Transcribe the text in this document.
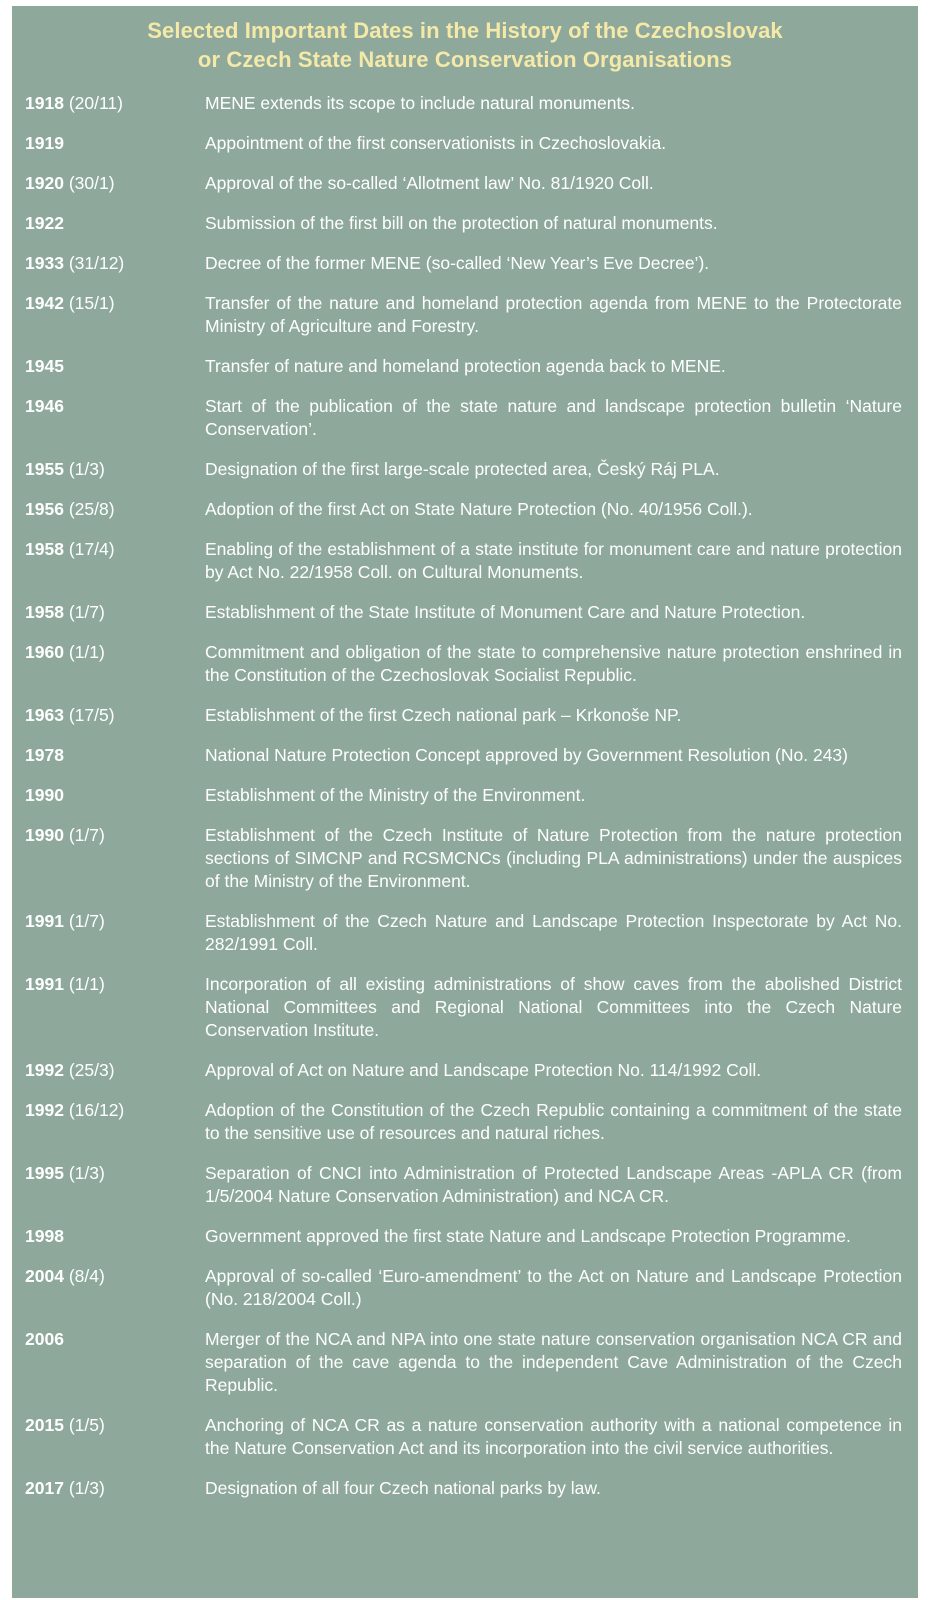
Selected Important Dates in the History of the Czechoslovak
or Czech State Nature Conservation Organisations
1918 (20/11)	MENE extends its scope to include natural monuments.
1919	Appointment of the first conservationists in Czechoslovakia.
1920 (30/1)	Approval of the so-called ‘Allotment law’ No. 81/1920 Coll.
1922	Submission of the first bill on the protection of natural monuments.
1933 (31/12)	Decree of the former MENE (so-called ‘New Year’s Eve Decree’).
1942 (15/1)	Transfer of the nature and homeland protection agenda from MENE to the Protectorate Ministry of Agriculture and Forestry.
1945	Transfer of nature and homeland protection agenda back to MENE.
1946	Start of the publication of the state nature and landscape protection bulletin ‘Nature Conservation’.
1955 (1/3)	Designation of the first large-scale protected area, Český Ráj PLA.
1956 (25/8)	Adoption of the first Act on State Nature Protection (No. 40/1956 Coll.).
1958 (17/4)	Enabling of the establishment of a state institute for monument care and nature protection by Act No. 22/1958 Coll. on Cultural Monuments.
1958 (1/7)	Establishment of the State Institute of Monument Care and Nature Protection.
1960 (1/1)	Commitment and obligation of the state to comprehensive nature protection enshrined in the Constitution of the Czechoslovak Socialist Republic.
1963 (17/5)	Establishment of the first Czech national park – Krkonoše NP.
1978	National Nature Protection Concept approved by Government Resolution (No. 243)
1990	Establishment of the Ministry of the Environment.
1990 (1/7)	Establishment of the Czech Institute of Nature Protection from the nature protection sections of SIMCNP and RCSMCNCs (including PLA administrations) under the auspices of the Ministry of the Environment.
1991 (1/7)	Establishment of the Czech Nature and Landscape Protection Inspectorate by Act No. 282/1991 Coll.
1991 (1/1)	Incorporation of all existing administrations of show caves from the abolished District National Committees and Regional National Committees into the Czech Nature Conservation Institute.
1992 (25/3)	Approval of Act on Nature and Landscape Protection No. 114/1992 Coll.
1992 (16/12)	Adoption of the Constitution of the Czech Republic containing a commitment of the state to the sensitive use of resources and natural riches.
1995 (1/3)	Separation of CNCI into Administration of Protected Landscape Areas -APLA CR (from 1/5/2004 Nature Conservation Administration) and NCA CR.
1998	Government approved the first state Nature and Landscape Protection Programme.
2004 (8/4)	Approval of so-called ‘Euro-amendment’ to the Act on Nature and Landscape Protection (No. 218/2004 Coll.)
2006	Merger of the NCA and NPA into one state nature conservation organisation NCA CR and separation of the cave agenda to the independent Cave Administration of the Czech Republic.
2015 (1/5)	Anchoring of NCA CR as a nature conservation authority with a national competence in the Nature Conservation Act and its incorporation into the civil service authorities.
2017 (1/3)	Designation of all four Czech national parks by law.
